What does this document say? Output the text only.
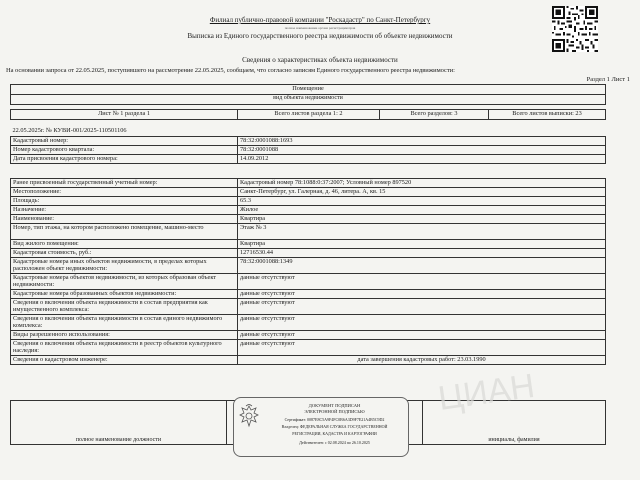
Филиал публично-правовой компании "Роскадастр" по Санкт-Петербургу
полное наименование органа регистрации прав
Выписка из Единого государственного реестра недвижимости об объекте недвижимости
Сведения о характеристиках объекта недвижимости
На основании запроса от 22.05.2025, поступившего на рассмотрение 22.05.2025, сообщаем, что согласно записям Единого государственного реестра недвижимости:
Раздел 1 Лист 1
Помещение
вид объекта недвижимости

Лист № 1 раздела 1	Всего листов раздела 1: 2	Всего разделов: 3	Всего листов выписки: 23
22.05.2025г. № КУВИ-001/2025-110501106	
Кадастровый номер:	78:32:0001088:1693
Номер кадастрового квартала:	78:32:0001088
Дата присвоения кадастрового номера:	14.09.2012
Ранее присвоенный государственный учетный номер:	Кадастровый номер 78:1088:0:37:2007; Условный номер 897520
Местоположение:	Санкт-Петербург, ул. Галерная, д. 46, литера. А, кв. 15
Площадь:	65.3
Назначение:	Жилое
Наименование:	Квартира
Номер, тип этажа, на котором расположено помещение, машино-место	Этаж № 3
Вид жилого помещения:	Квартира
Кадастровая стоимость, руб.:	12716530.44
Кадастровые номера иных объектов недвижимости, в пределах которых расположен объект недвижимости:	78:32:0001088:1349
Кадастровые номера объектов недвижимости, из которых образован объект недвижимости:	данные отсутствуют
Кадастровые номера образованных объектов недвижимости:	данные отсутствуют
Сведения о включении объекта недвижимости в состав предприятия как имущественного комплекса:	данные отсутствуют
Сведения о включении объекта недвижимости в состав единого недвижимого комплекса:	данные отсутствуют
Виды разрешенного использования:	данные отсутствуют
Сведения о включении объекта недвижимости в реестр объектов культурного наследия:	данные отсутствуют
Сведения о кадастровом инженере:	дата завершения кадастровых работ: 23.03.1990
полное наименование должности		инициалы, фамилия
ДОКУМЕНТ ПОДПИСАН
ЭЛЕКТРОННОЙ ПОДПИСЬЮ
Сертификат: 0087E8C5A9F4FC0B6A3D9F7E21A4B5C9D2
Владелец: ФЕДЕРАЛЬНАЯ СЛУЖБА ГОСУДАРСТВЕННОЙ
РЕГИСТРАЦИИ, КАДАСТРА И КАРТОГРАФИИ
Действителен: с 02.08.2024 по 26.10.2025
ЦИАН
